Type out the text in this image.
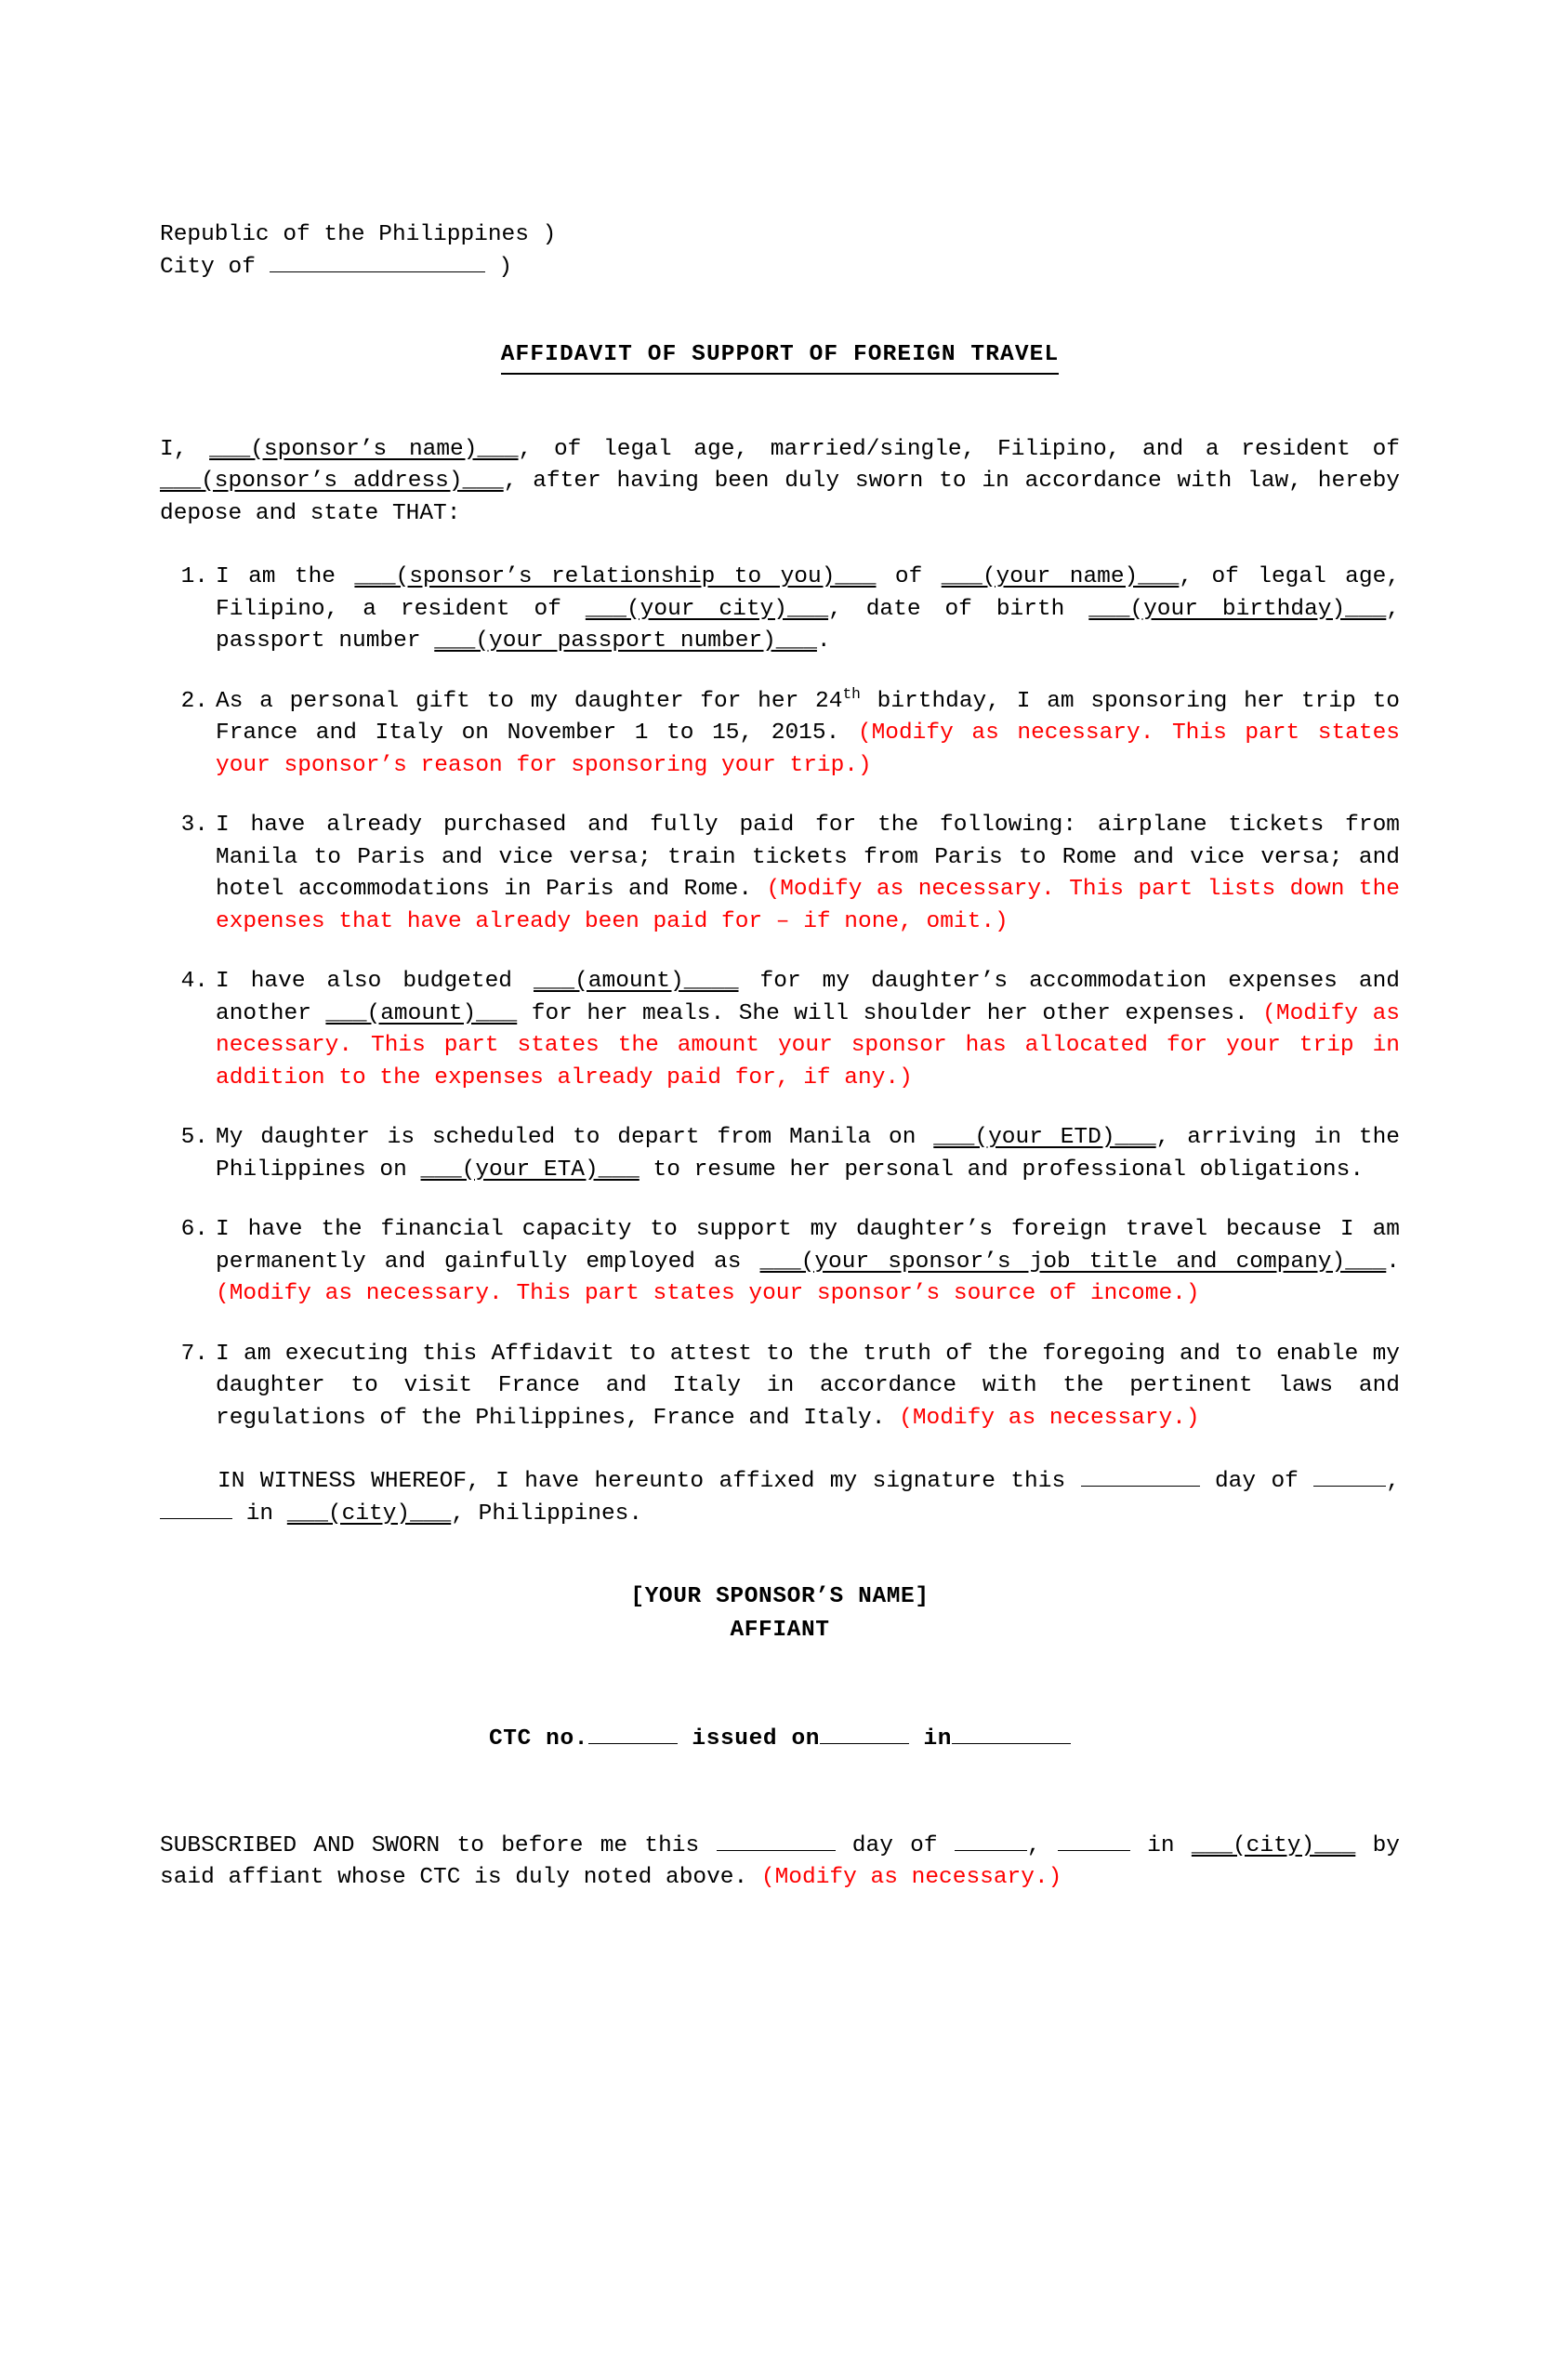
Republic of the Philippines )
City of	)
AFFIDAVIT OF SUPPORT OF FOREIGN TRAVEL

I, ___(sponsor’s name)___, of legal age, married/single, Filipino, and a resident of ___(sponsor’s address)___, after having been duly sworn to in accordance with law, hereby depose and state THAT:

I am the ___(sponsor’s relationship to you)___ of ___(your name)___, of legal age, Filipino, a resident of ___(your city)___, date of birth ___(your birthday)___, passport number ___(your passport number)___.
As a personal gift to my daughter for her 24th birthday, I am sponsoring her trip to France and Italy on November 1 to 15, 2015. (Modify as necessary. This part states your sponsor’s reason for sponsoring your trip.)
I have already purchased and fully paid for the following: airplane tickets from Manila to Paris and vice versa; train tickets from Paris to Rome and vice versa; and hotel accommodations in Paris and Rome. (Modify as necessary. This part lists down the expenses that have already been paid for – if none, omit.)
I have also budgeted ___(amount)____ for my daughter’s accommodation expenses and another ___(amount)___ for her meals. She will shoulder her other expenses. (Modify as necessary. This part states the amount your sponsor has allocated for your trip in addition to the expenses already paid for, if any.)
My daughter is scheduled to depart from Manila on ___(your ETD)___, arriving in the Philippines on ___(your ETA)___ to resume her personal and professional obligations.
I have the financial capacity to support my daughter’s foreign travel because I am permanently and gainfully employed as ___(your sponsor’s job title and company)___. (Modify as necessary. This part states your sponsor’s source of income.)
I am executing this Affidavit to attest to the truth of the foregoing and to enable my daughter to visit France and Italy in accordance with the pertinent laws and regulations of the Philippines, France and Italy. (Modify as necessary.)

IN WITNESS WHEREOF, I have hereunto affixed my signature this	day of	,  in ___(city)___, Philippines.

[YOUR SPONSOR’S NAME]
AFFIANT
CTC no.	issued on	in

SUBSCRIBED AND SWORN to before me this	day of	,	in ___(city)___ by said affiant whose CTC is duly noted above. (Modify as necessary.)
